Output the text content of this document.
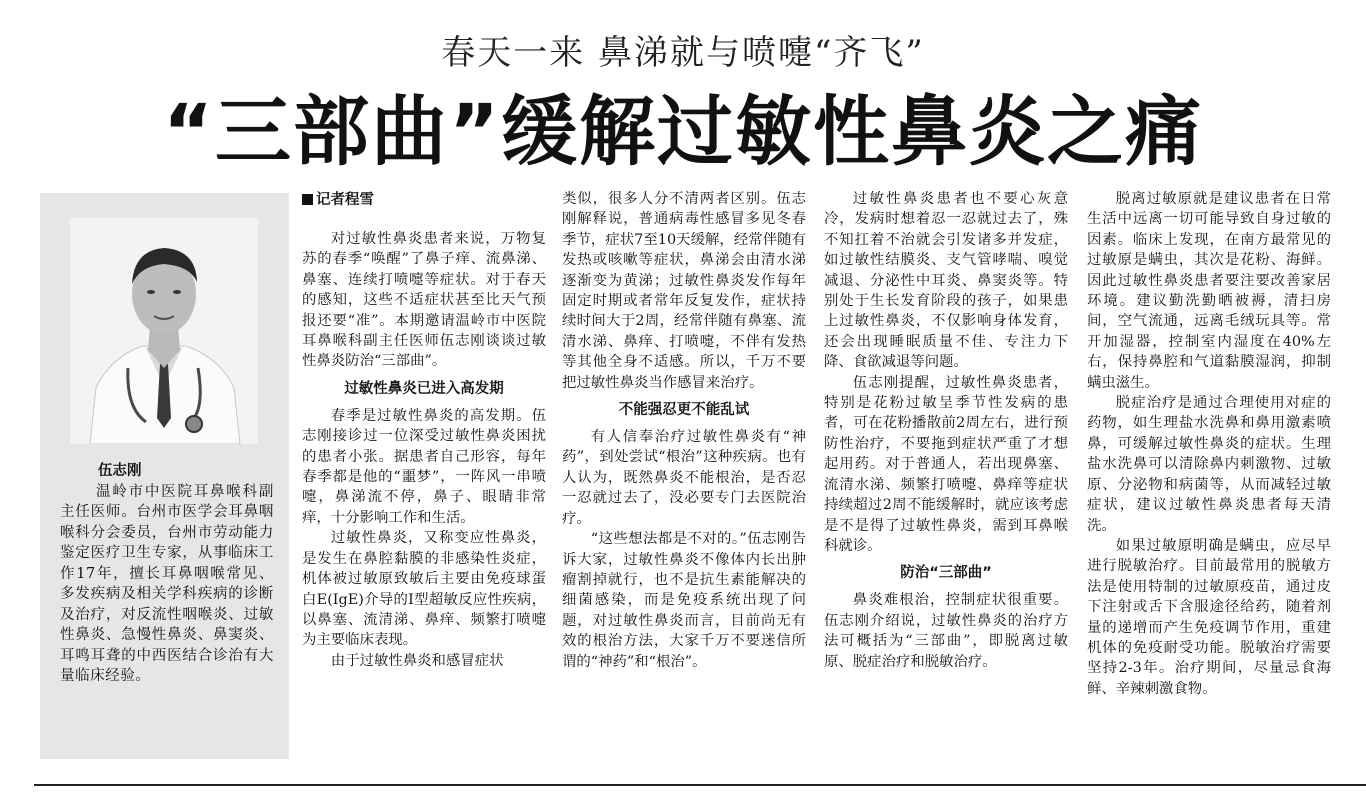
春天一来 鼻涕就与喷嚏“齐飞”
“三部曲”缓解过敏性鼻炎之痛
伍志刚
温岭市中医院耳鼻喉科副主任医师。台州市医学会耳鼻咽喉科分会委员，台州市劳动能力鉴定医疗卫生专家，从事临床工作17年，擅长耳鼻咽喉常见、多发疾病及相关学科疾病的诊断及治疗，对反流性咽喉炎、过敏性鼻炎、急慢性鼻炎、鼻窦炎、耳鸣耳聋的中西医结合诊治有大量临床经验。
记者程雪

对过敏性鼻炎患者来说，万物复苏的春季“唤醒”了鼻子痒、流鼻涕、鼻塞、连续打喷嚏等症状。对于春天的感知，这些不适症状甚至比天气预报还要“准”。本期邀请温岭市中医院耳鼻喉科副主任医师伍志刚谈谈过敏性鼻炎防治“三部曲”。

过敏性鼻炎已进入高发期

春季是过敏性鼻炎的高发期。伍志刚接诊过一位深受过敏性鼻炎困扰的患者小张。据患者自己形容，每年春季都是他的“噩梦”，一阵风一串喷嚏，鼻涕流不停，鼻子、眼睛非常痒，十分影响工作和生活。

过敏性鼻炎，又称变应性鼻炎，是发生在鼻腔黏膜的非感染性炎症，机体被过敏原致敏后主要由免疫球蛋白E(IgE)介导的Ⅰ型超敏反应性疾病，以鼻塞、流清涕、鼻痒、频繁打喷嚏为主要临床表现。

由于过敏性鼻炎和感冒症状

类似，很多人分不清两者区别。伍志刚解释说，普通病毒性感冒多见冬春季节，症状7至10天缓解，经常伴随有发热或咳嗽等症状，鼻涕会由清水涕逐渐变为黄涕；过敏性鼻炎发作每年固定时期或者常年反复发作，症状持续时间大于2周，经常伴随有鼻塞、流清水涕、鼻痒、打喷嚏，不伴有发热等其他全身不适感。所以，千万不要把过敏性鼻炎当作感冒来治疗。

不能强忍更不能乱试

有人信奉治疗过敏性鼻炎有“神药”，到处尝试“根治”这种疾病。也有人认为，既然鼻炎不能根治，是否忍一忍就过去了，没必要专门去医院治疗。

“这些想法都是不对的。”伍志刚告诉大家，过敏性鼻炎不像体内长出肿瘤割掉就行，也不是抗生素能解决的细菌感染，而是免疫系统出现了问题，对过敏性鼻炎而言，目前尚无有效的根治方法，大家千万不要迷信所谓的“神药”和“根治”。

过敏性鼻炎患者也不要心灰意冷，发病时想着忍一忍就过去了，殊不知扛着不治就会引发诸多并发症，如过敏性结膜炎、支气管哮喘、嗅觉减退、分泌性中耳炎、鼻窦炎等。特别处于生长发育阶段的孩子，如果患上过敏性鼻炎，不仅影响身体发育，还会出现睡眠质量不佳、专注力下降、食欲减退等问题。

伍志刚提醒，过敏性鼻炎患者，特别是花粉过敏呈季节性发病的患者，可在花粉播散前2周左右，进行预防性治疗，不要拖到症状严重了才想起用药。对于普通人，若出现鼻塞、流清水涕、频繁打喷嚏、鼻痒等症状持续超过2周不能缓解时，就应该考虑是不是得了过敏性鼻炎，需到耳鼻喉科就诊。

防治“三部曲”

鼻炎难根治，控制症状很重要。伍志刚介绍说，过敏性鼻炎的治疗方法可概括为“三部曲”，即脱离过敏原、脱症治疗和脱敏治疗。

脱离过敏原就是建议患者在日常生活中远离一切可能导致自身过敏的因素。临床上发现，在南方最常见的过敏原是螨虫，其次是花粉、海鲜。因此过敏性鼻炎患者要注要改善家居环境。建议勤洗勤晒被褥，清扫房间，空气流通，远离毛绒玩具等。常开加湿器，控制室内湿度在40%左右，保持鼻腔和气道黏膜湿润，抑制螨虫滋生。

脱症治疗是通过合理使用对症的药物，如生理盐水洗鼻和鼻用激素喷鼻，可缓解过敏性鼻炎的症状。生理盐水洗鼻可以清除鼻内刺激物、过敏原、分泌物和病菌等，从而减轻过敏症状，建议过敏性鼻炎患者每天清洗。

如果过敏原明确是螨虫，应尽早进行脱敏治疗。目前最常用的脱敏方法是使用特制的过敏原疫苗，通过皮下注射或舌下含服途径给药，随着剂量的递增而产生免疫调节作用，重建机体的免疫耐受功能。脱敏治疗需要坚持2-3年。治疗期间，尽量忌食海鲜、辛辣刺激食物。
